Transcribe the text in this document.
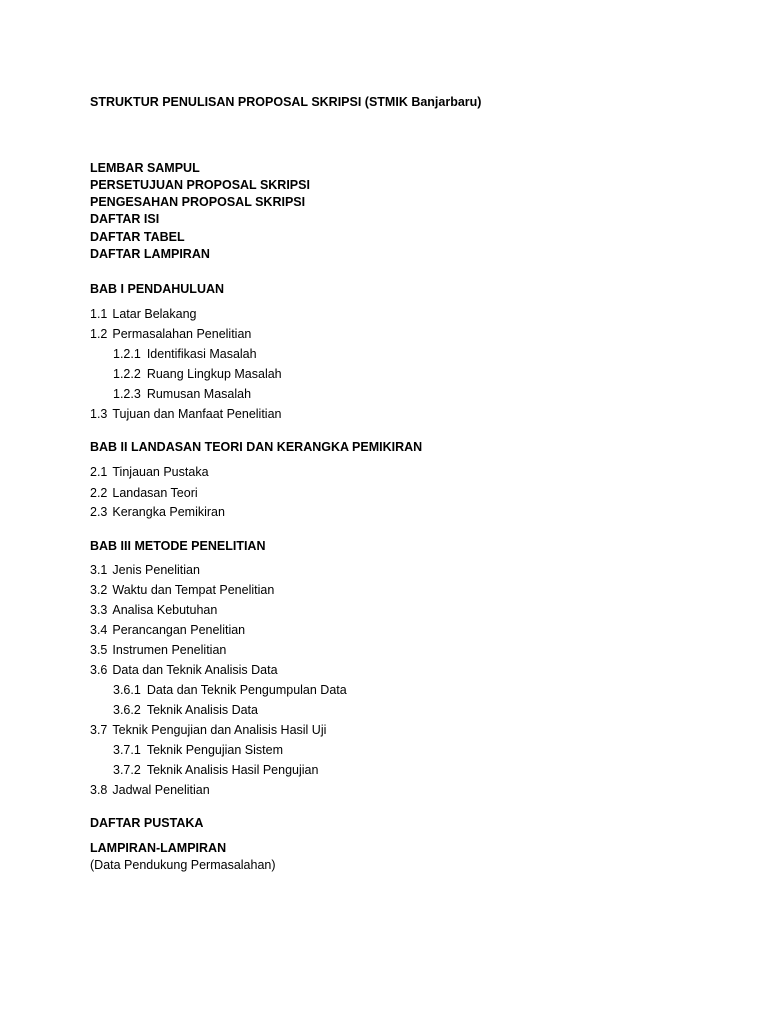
STRUKTUR PENULISAN PROPOSAL SKRIPSI (STMIK Banjarbaru)
LEMBAR SAMPUL
PERSETUJUAN PROPOSAL SKRIPSI
PENGESAHAN PROPOSAL SKRIPSI
DAFTAR ISI
DAFTAR TABEL
DAFTAR LAMPIRAN
BAB I PENDAHULUAN
1.1 Latar Belakang
1.2 Permasalahan Penelitian
1.2.1 Identifikasi Masalah
1.2.2 Ruang Lingkup Masalah
1.2.3 Rumusan Masalah
1.3 Tujuan dan Manfaat Penelitian
BAB II LANDASAN TEORI DAN KERANGKA PEMIKIRAN
2.1 Tinjauan Pustaka
2.2 Landasan Teori
2.3 Kerangka Pemikiran
BAB III METODE PENELITIAN
3.1 Jenis Penelitian
3.2 Waktu dan Tempat Penelitian
3.3 Analisa Kebutuhan
3.4 Perancangan Penelitian
3.5 Instrumen Penelitian
3.6 Data dan Teknik Analisis Data
3.6.1 Data dan Teknik Pengumpulan Data
3.6.2 Teknik Analisis Data
3.7 Teknik Pengujian dan Analisis Hasil Uji
3.7.1 Teknik Pengujian Sistem
3.7.2 Teknik Analisis Hasil Pengujian
3.8 Jadwal Penelitian
DAFTAR PUSTAKA
LAMPIRAN-LAMPIRAN
(Data Pendukung Permasalahan)
